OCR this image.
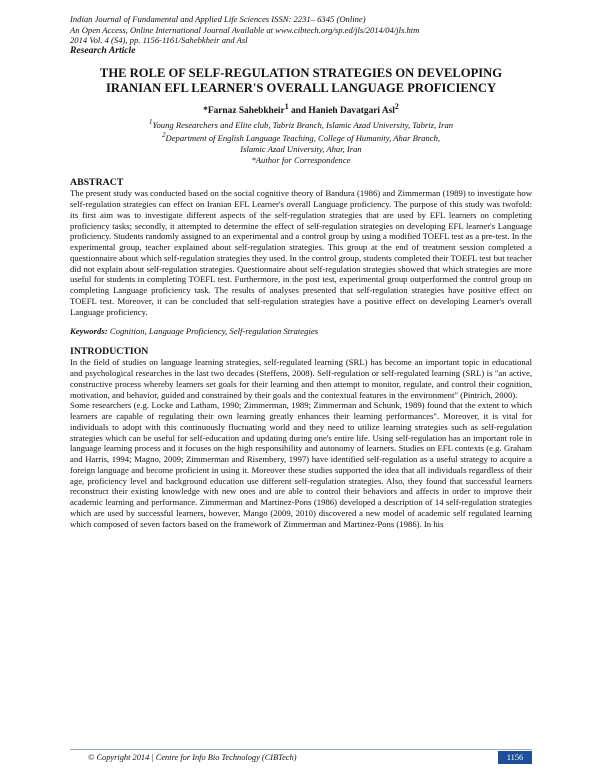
Indian Journal of Fundamental and Applied Life Sciences ISSN: 2231– 6345 (Online)
An Open Access, Online International Journal Available at www.cibtech.org/sp.ed/jls/2014/04/jls.htm
2014 Vol. 4 (S4), pp. 1156-1161/Sahebkheir and Asl
Research Article
THE ROLE OF SELF-REGULATION STRATEGIES ON DEVELOPING
IRANIAN EFL LEARNER'S OVERALL LANGUAGE PROFICIENCY
*Farnaz Sahebkheir$^1$ and Hanieh Davatgari Asl$^2$
$^1$Young Researchers and Elite club, Tabriz Branch, Islamic Azad University, Tabriz, Iran
$^2$Department of English Language Teaching, College of Humanity, Ahar Branch,
Islamic Azad University, Ahar, Iran
*Author for Correspondence
ABSTRACT

The present study was conducted based on the social cognitive theory of Bandura (1986) and Zimmerman (1989) to investigate how self-regulation strategies can effect on Iranian EFL Learner's overall Language proficiency. The purpose of this study was twofold: its first aim was to investigate different aspects of the self-regulation strategies that are used by EFL learners on completing proficiency tasks; secondly, it attempted to determine the effect of self-regulation strategies on developing EFL learner's Language proficiency. Students randomly assigned to an experimental and a control group by using a modified TOEFL test as a pre-test. In the experimental group, teacher explained about self-regulation strategies. This group at the end of treatment session completed a questionnaire about which self-regulation strategies they used. In the control group, students completed their TOEFL test but teacher did not explain about self-regulation strategies. Questionnaire about self-regulation strategies showed that which strategies are more useful for students in completing TOEFL test. Furthermore, in the post test, experimental group outperformed the control group on completing Language proficiency task. The results of analyses presented that self-regulation strategies have positive effect on TOEFL test. Moreover, it can be concluded that self-regulation strategies have a positive effect on developing Learner's overall Language proficiency.

Keywords: Cognition, Language Proficiency, Self-regulation Strategies
INTRODUCTION

In the field of studies on language learning strategies, self-regulated learning (SRL) has become an important topic in educational and psychological researches in the last two decades (Steffens, 2008). Self-regulation or self-regulated learning (SRL) is "an active, constructive process whereby learners set goals for their learning and then attempt to monitor, regulate, and control their cognition, motivation, and behavior, guided and constrained by their goals and the contextual features in the environment" (Pintrich, 2000).

Some researchers (e.g. Locke and Latham, 1990; Zimmerman, 1989; Zimmerman and Schunk, 1989) found that the extent to which learners are capable of regulating their own learning greatly enhances their learning performances". Moreover, it is vital for individuals to adopt with this continuously fluctuating world and they need to utilize learning strategies such as self-regulation strategies which can be useful for self-education and updating during one's entire life. Using self-regulation has an important role in language learning process and it focuses on the high responsibility and autonomy of learners. Studies on EFL contexts (e.g. Graham and Harris, 1994; Magno, 2009; Zimmerman and Risembery, 1997) have identified self-regulation as a useful strategy to acquire a foreign language and become proficient in using it. Moreover these studies supported the idea that all individuals regardless of their age, proficiency level and background education use different self-regulation strategies. Also, they found that successful learners reconstruct their existing knowledge with new ones and are able to control their behaviors and affects in order to improve their academic learning and performance. Zimmerman and Martinez-Pons (1986) developed a description of 14 self-regulation strategies which are used by successful learners, however, Mango (2009, 2010) discovered a new model of academic self regulated learning which composed of seven factors based on the framework of Zimmerman and Martinez-Pons (1986). In his

© Copyright 2014 | Centre for Info Bio Technology (CIBTech)	1156
